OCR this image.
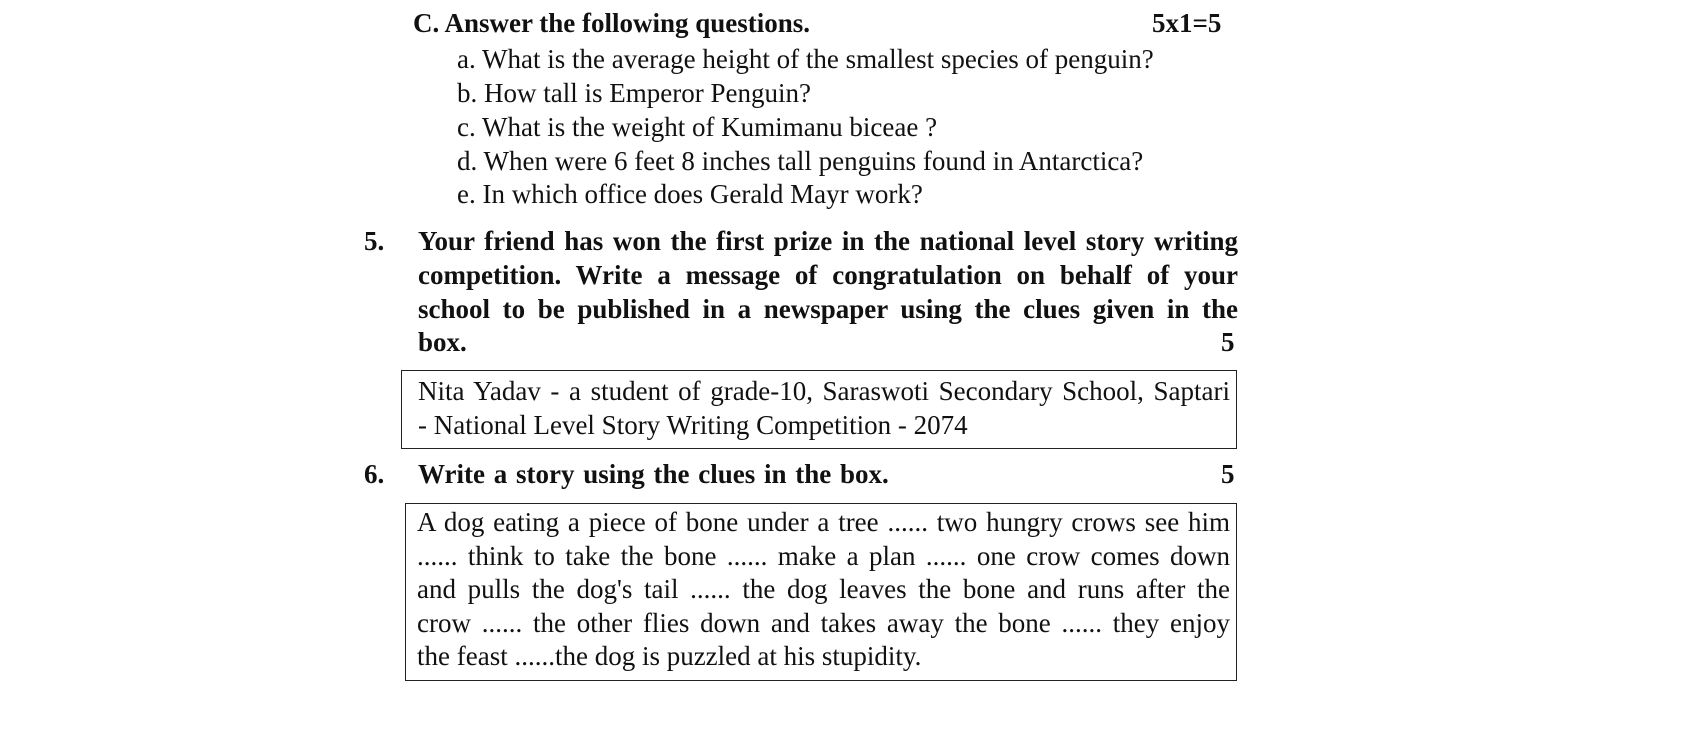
C. Answer the following questions.	5x1=5
a. What is the average height of the smallest species of penguin?
b. How tall is Emperor Penguin?
c. What is the weight of Kumimanu biceae ?
d. When were 6 feet 8 inches tall penguins found in Antarctica?
e. In which office does Gerald Mayr work?
5. Your friend has won the first prize in the national level story writing
competition. Write a message of congratulation on behalf of your
school to be published in a newspaper using the clues given in the
box.	5
Nita Yadav - a student of grade-10, Saraswoti Secondary School, Saptari
- National Level Story Writing Competition - 2074
6. Write a story using the clues in the box.	5
A dog eating a piece of bone under a tree ...... two hungry crows see him
...... think to take the bone ...... make a plan ...... one crow comes down
and pulls the dog's tail ...... the dog leaves the bone and runs after the
crow ...... the other flies down and takes away the bone ...... they enjoy
the feast ......the dog is puzzled at his stupidity.
